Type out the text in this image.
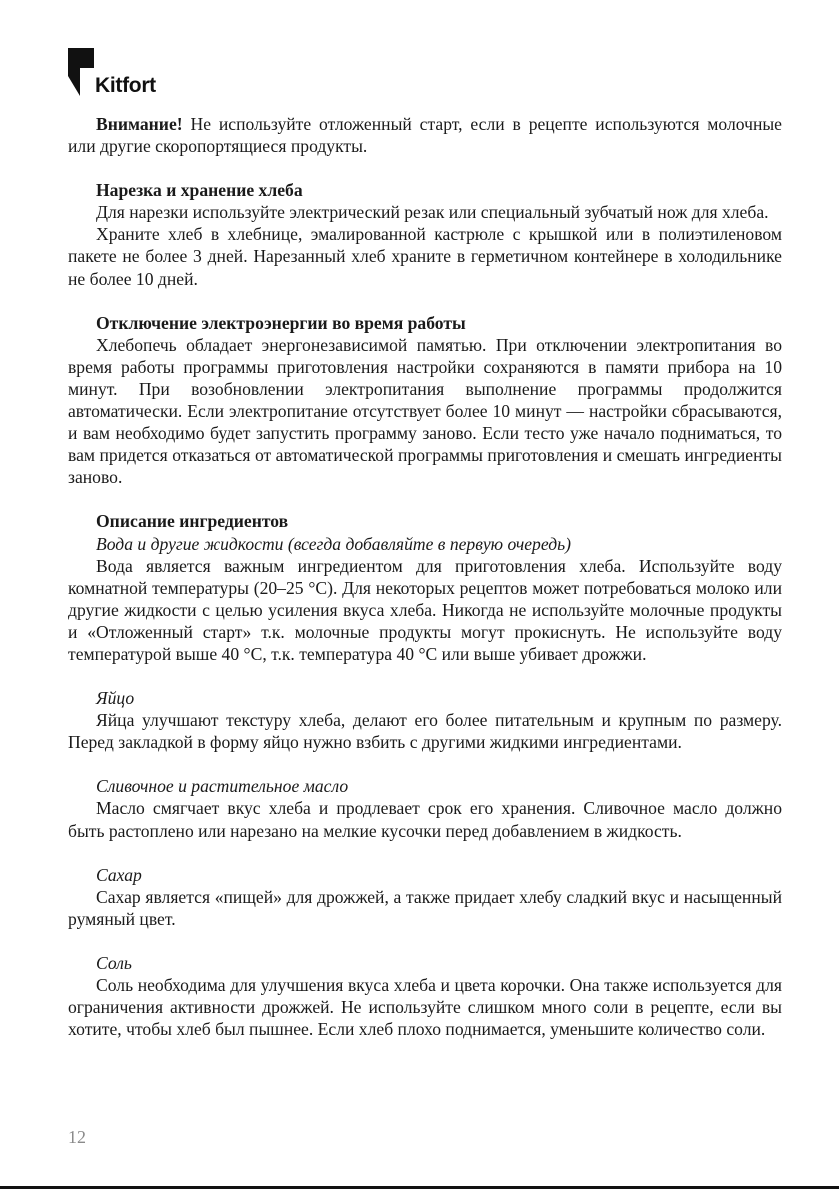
Kitfort

Внимание! Не используйте отложенный старт, если в рецепте используются молочные или другие скоропортящиеся продукты.

Нарезка и хранение хлеба

Для нарезки используйте электрический резак или специальный зубчатый нож для хлеба.

Храните хлеб в хлебнице, эмалированной кастрюле с крышкой или в полиэтиленовом пакете не более 3 дней. Нарезанный хлеб храните в герметичном контейнере в холодильнике не более 10 дней.

Отключение электроэнергии во время работы

Хлебопечь обладает энергонезависимой памятью. При отключении электропитания во время работы программы приготовления настройки сохраняются в памяти прибора на 10 минут. При возобновлении электропитания выполнение программы продолжится автоматически. Если электропитание отсутствует более 10 минут — настройки сбрасываются, и вам необходимо будет запустить программу заново. Если тесто уже начало подниматься, то вам придется отказаться от автоматической программы приготовления и смешать ингредиенты заново.

Описание ингредиентов
Вода и другие жидкости (всегда добавляйте в первую очередь)

Вода является важным ингредиентом для приготовления хлеба. Используйте воду комнатной температуры (20–25 °C). Для некоторых рецептов может потребоваться молоко или другие жидкости с целью усиления вкуса хлеба. Никогда не используйте молочные продукты и «Отложенный старт» т.к. молочные продукты могут прокиснуть. Не используйте воду температурой выше 40 °C, т.к. температура 40 °C или выше убивает дрожжи.

Яйцо

Яйца улучшают текстуру хлеба, делают его более питательным и крупным по размеру. Перед закладкой в форму яйцо нужно взбить с другими жидкими ингредиентами.

Сливочное и растительное масло

Масло смягчает вкус хлеба и продлевает срок его хранения. Сливочное масло должно быть растоплено или нарезано на мелкие кусочки перед добавлением в жидкость.

Сахар

Сахар является «пищей» для дрожжей, а также придает хлебу сладкий вкус и насыщенный румяный цвет.

Соль

Соль необходима для улучшения вкуса хлеба и цвета корочки. Она также используется для ограничения активности дрожжей. Не используйте слишком много соли в рецепте, если вы хотите, чтобы хлеб был пышнее. Если хлеб плохо поднимается, уменьшите количество соли.

12
